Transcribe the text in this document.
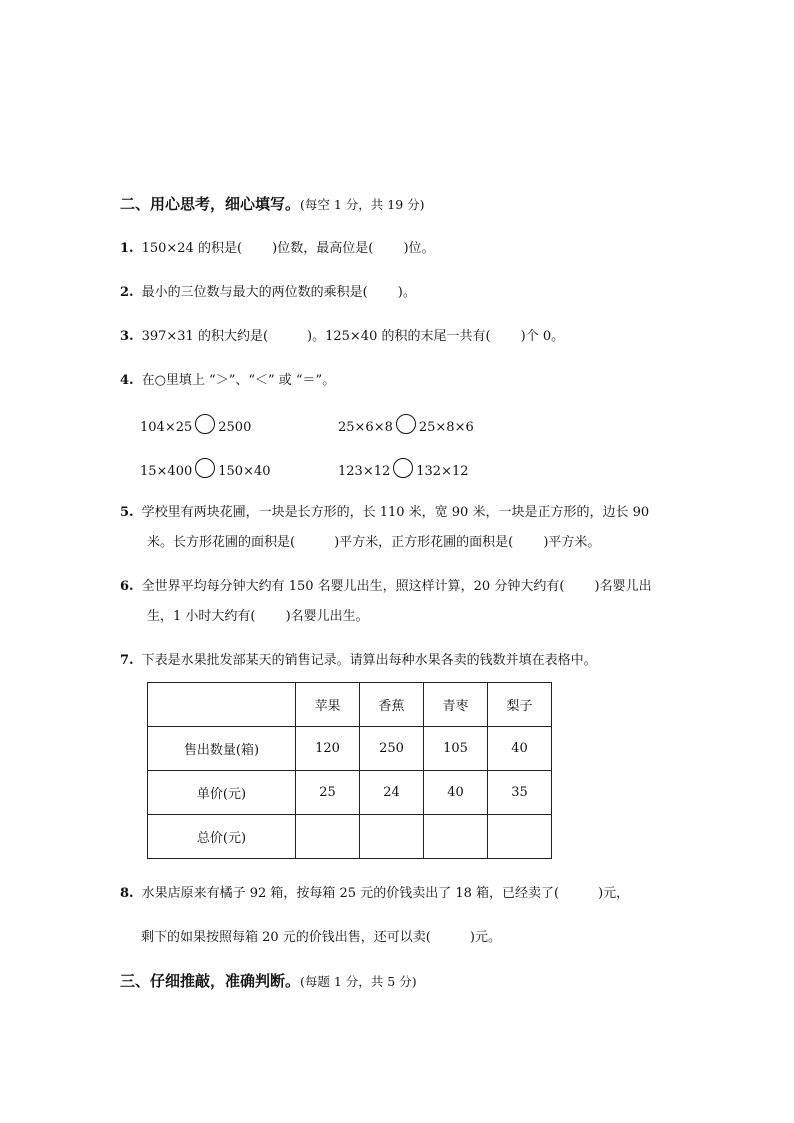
二、用心思考，细心填写。(每空 1 分，共 19 分)
1. 150×24 的积是(　　 )位数，最高位是(　　 )位。
2. 最小的三位数与最大的两位数的乘积是(　　 )。
3. 397×31 的积大约是(　　　)。125×40 的积的末尾一共有(　　 )个 0。
4. 在○里填上 “＞”、“＜” 或 “＝”。
104×25 2500	25×6×8 25×8×6
15×400 150×40	123×12 132×12
5. 学校里有两块花圃，一块是长方形的，长 110 米，宽 90 米，一块是正方形的，边长 90
米。长方形花圃的面积是(　　　)平方米，正方形花圃的面积是(　　 )平方米。
6. 全世界平均每分钟大约有 150 名婴儿出生，照这样计算，20 分钟大约有(　　 )名婴儿出
生，1 小时大约有(　　 )名婴儿出生。
7. 下表是水果批发部某天的销售记录。请算出每种水果各卖的钱数并填在表格中。
	苹果	香蕉	青枣	梨子
售出数量(箱)	120	250	105	40
单价(元)	25	24	40	35
总价(元)				
8. 水果店原来有橘子 92 箱，按每箱 25 元的价钱卖出了 18 箱，已经卖了(　　　)元，
剩下的如果按照每箱 20 元的价钱出售，还可以卖(　　　)元。
三、仔细推敲，准确判断。(每题 1 分，共 5 分)
